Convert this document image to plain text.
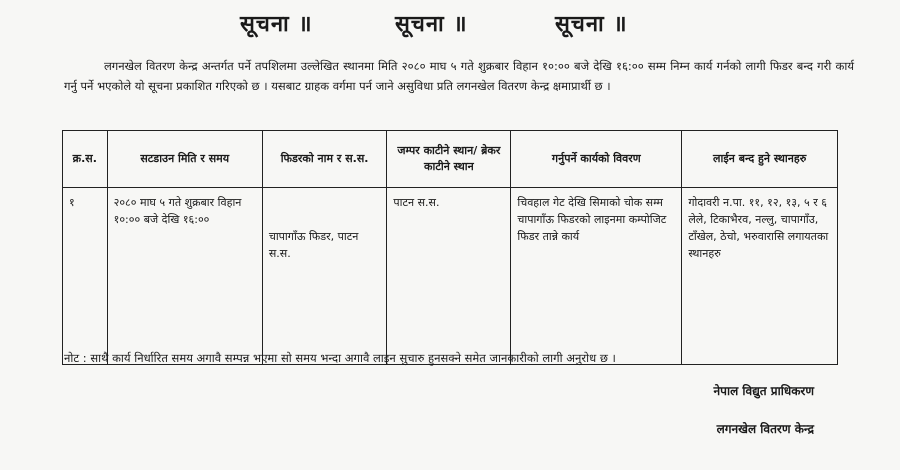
सूचना ॥	सूचना ॥	सूचना ॥
लगनखेल वितरण केन्द्र अन्तर्गत पर्ने तपशिलमा उल्लेखित स्थानमा मिति २०८० माघ ५ गते शुक्रबार विहान १०:०० बजे देखि १६:०० सम्म निम्न कार्य गर्नको लागी फिडर बन्द गरी कार्य गर्नु पर्ने भएकोले यो सूचना प्रकाशित गरिएको छ । यसबाट ग्राहक वर्गमा पर्न जाने असुविधा प्रति लगनखेल वितरण केन्द्र क्षमाप्रार्थी छ ।
क्र.स.	सटडाउन मिति र समय	फिडरको नाम र स.स.	जम्पर काटीने स्थान/ ब्रेकर काटीने स्थान	गर्नुपर्ने कार्यको विवरण	लाईन बन्द हुने स्थानहरु
१	२०८० माघ ५ गते शुक्रबार विहान १०:०० बजे देखि १६:००	चापागाँऊ फिडर, पाटन स.स.	पाटन स.स.	चिवहाल गेट देखि सिमाको चोक सम्म चापागाँऊ फिडरको लाइनमा कम्पोजिट फिडर तान्ने कार्य	गोदावरी न.पा. ११, १२, १३, ५ र ६ लेले, टिकाभैरव, नल्लु, चापागाँउ, टाँखेल, ठेचो, भरुवारासि लगायतका स्थानहरु
नोट : साथै कार्य निर्धारित समय अगावै सम्पन्न भएमा सो समय भन्दा अगावै लाइन सुचारु हुनसक्ने समेत जानकारीको लागी अनुरोध छ ।
नेपाल विद्युत प्राधिकरण
लगनखेल वितरण केन्द्र
